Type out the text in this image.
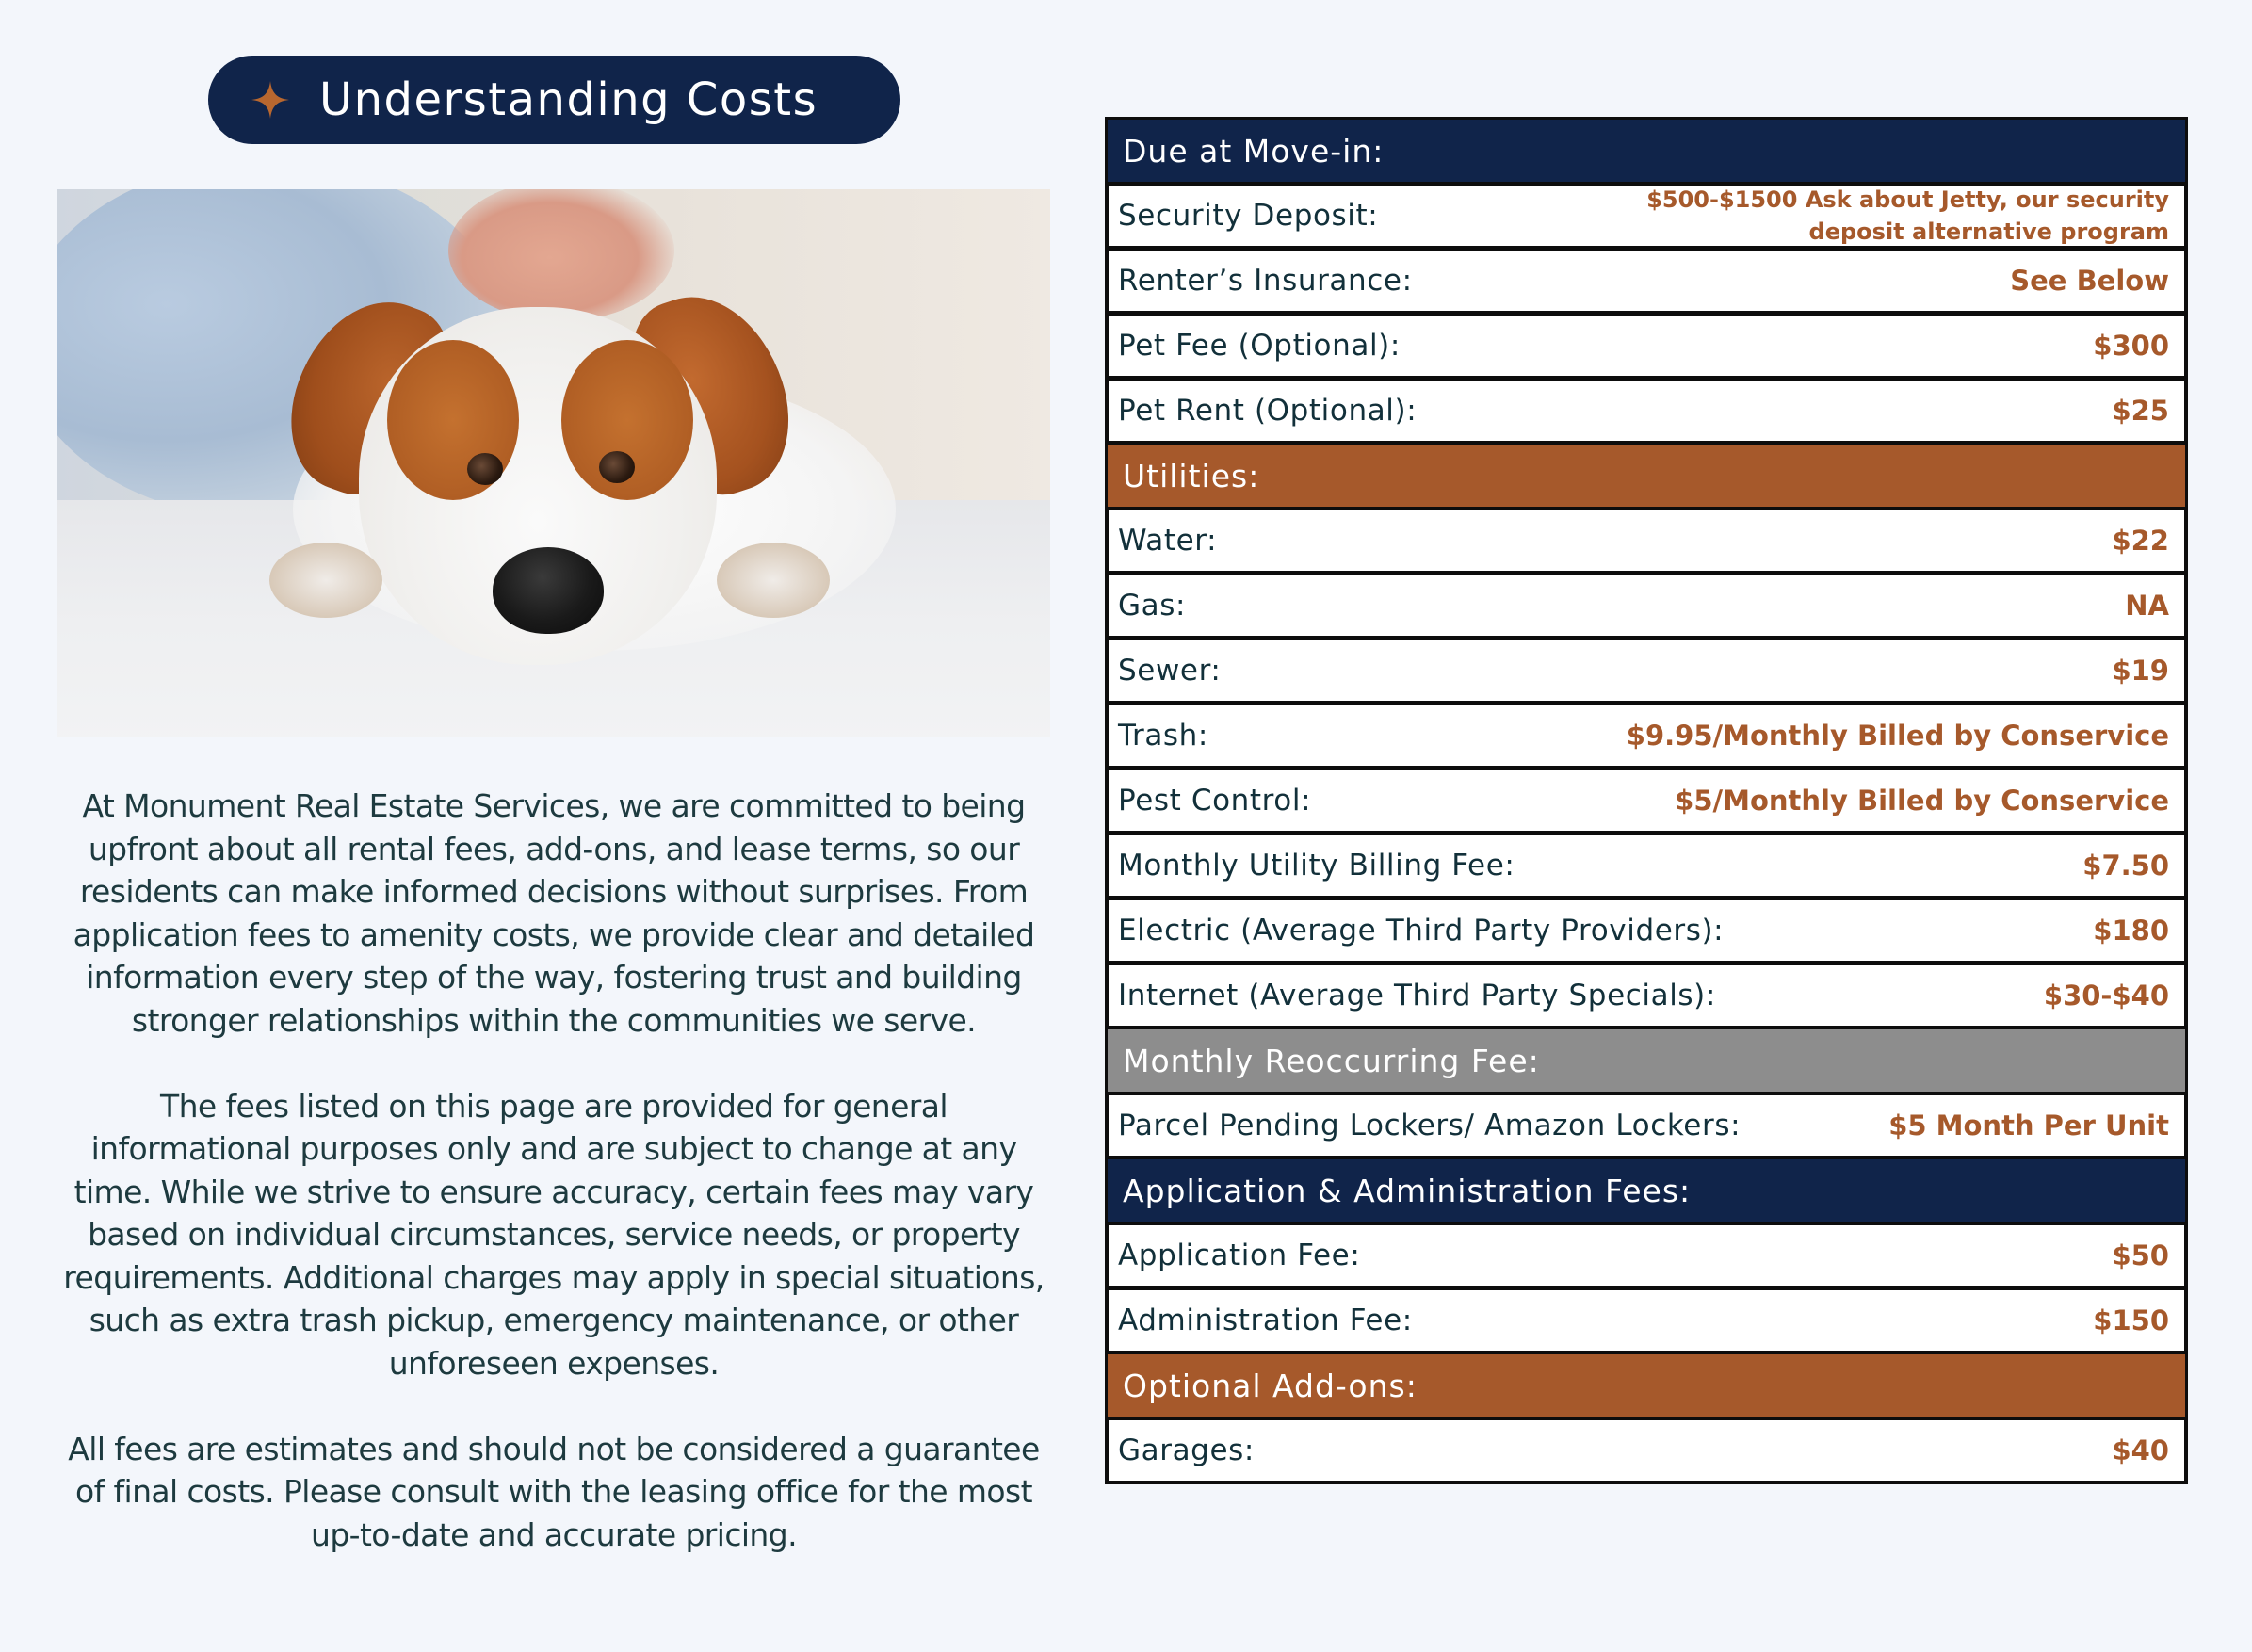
Understanding Costs

At Monument Real Estate Services, we are committed to being upfront about all rental fees, add-ons, and lease terms, so our residents can make informed decisions without surprises. From application fees to amenity costs, we provide clear and detailed information every step of the way, fostering trust and building stronger relationships within the communities we serve.

The fees listed on this page are provided for general informational purposes only and are subject to change at any time. While we strive to ensure accuracy, certain fees may vary based on individual circumstances, service needs, or property requirements. Additional charges may apply in special situations, such as extra trash pickup, emergency maintenance, or other unforeseen expenses.

All fees are estimates and should not be considered a guarantee of final costs. Please consult with the leasing office for the most up-to-date and accurate pricing.

Due at Move-in:
Security Deposit:	$500-$1500 Ask about Jetty, our security deposit alternative program
Renter’s Insurance:	See Below
Pet Fee (Optional):	$300
Pet Rent (Optional):	$25
Utilities:
Water:	$22
Gas:	NA
Sewer:	$19
Trash:	$9.95/Monthly Billed by Conservice
Pest Control:	$5/Monthly Billed by Conservice
Monthly Utility Billing Fee:	$7.50
Electric (Average Third Party Providers):	$180
Internet (Average Third Party Specials):	$30-$40
Monthly Reoccurring Fee:
Parcel Pending Lockers/ Amazon Lockers:	$5 Month Per Unit
Application & Administration Fees:
Application Fee:	$50
Administration Fee:	$150
Optional Add-ons:
Garages:	$40
